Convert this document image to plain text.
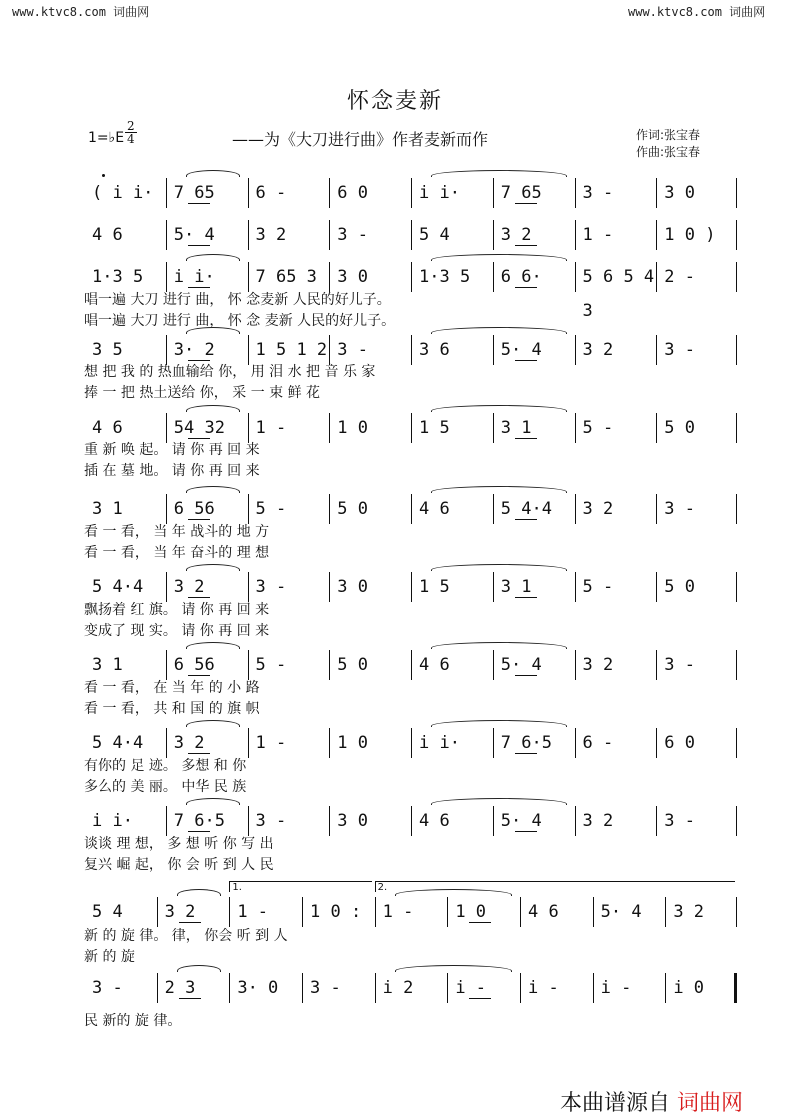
www.ktvc8.com 词曲网	www.ktvc8.com 词曲网
怀念麦新
——为《大刀进行曲》作者麦新而作
1=♭E $\frac{2}{4}$	作词:张宝春
作曲:张宝春
( i i·	7 65	6 -	6 0	i i·	7 65	3 -	3 0
4 6	5· 4	3 2	3 -	5 4	3 2	1 -	1 0 )
1·3 5	i i·	7 65 3	3 0	1·3 5	6 6·	5 6 5 4 3
2 -
唱一遍 大刀 进行 曲， 怀 念麦新 人民的好儿子。
唱一遍 大刀 进行 曲， 怀 念 麦新 人民的好儿子。
3 5	3· 2	1 5 1 2 3 -	3 6	5· 4	3 2	3 -
想 把 我 的 热血输给 你， 用 泪 水 把 音 乐 家
捧 一 把 热土送给 你， 采 一 束 鲜 花
4 6	54 32	1 -	1 0	1 5	3 1	5 -	5 0
重 新 唤 起。 请 你 再 回 来
插 在 墓 地。 请 你 再 回 来
3 1	6 56	5 -	5 0	4 6	5 4·4	3 2	3 -
看 一 看， 当 年 战斗的 地 方
看 一 看， 当 年 奋斗的 理 想
5 4·4	3 2	3 -	3 0	1 5	3 1	5 -	5 0
飘扬着 红 旗。 请 你 再 回 来
变成了 现 实。 请 你 再 回 来
3 1	6 56	5 -	5 0	4 6	5· 4	3 2	3 -
看 一 看， 在 当 年 的 小 路
看 一 看， 共 和 国 的 旗 帜
5 4·4	3 2	1 -	1 0	i i·	7 6·5	6 -	6 0
有你的 足 迹。 多想 和 你
多么的 美 丽。 中华 民 族
i i·	7 6·5	3 -	3 0	4 6	5· 4	3 2	3 -
谈谈 理 想， 多 想 听 你 写 出
复兴 崛 起， 你 会 听 到 人 民
5 4	3 2	1 -	1 0 :	1 -	1 0	4 6	5· 4	3 2
1.	2.
新 的 旋 律。 律， 你会 听 到 人
新 的 旋
3 -	2 3	3· 0	3 -	i 2	i -	i -	i -	i 0
民 新的 旋 律。
本曲谱源自 词曲网
